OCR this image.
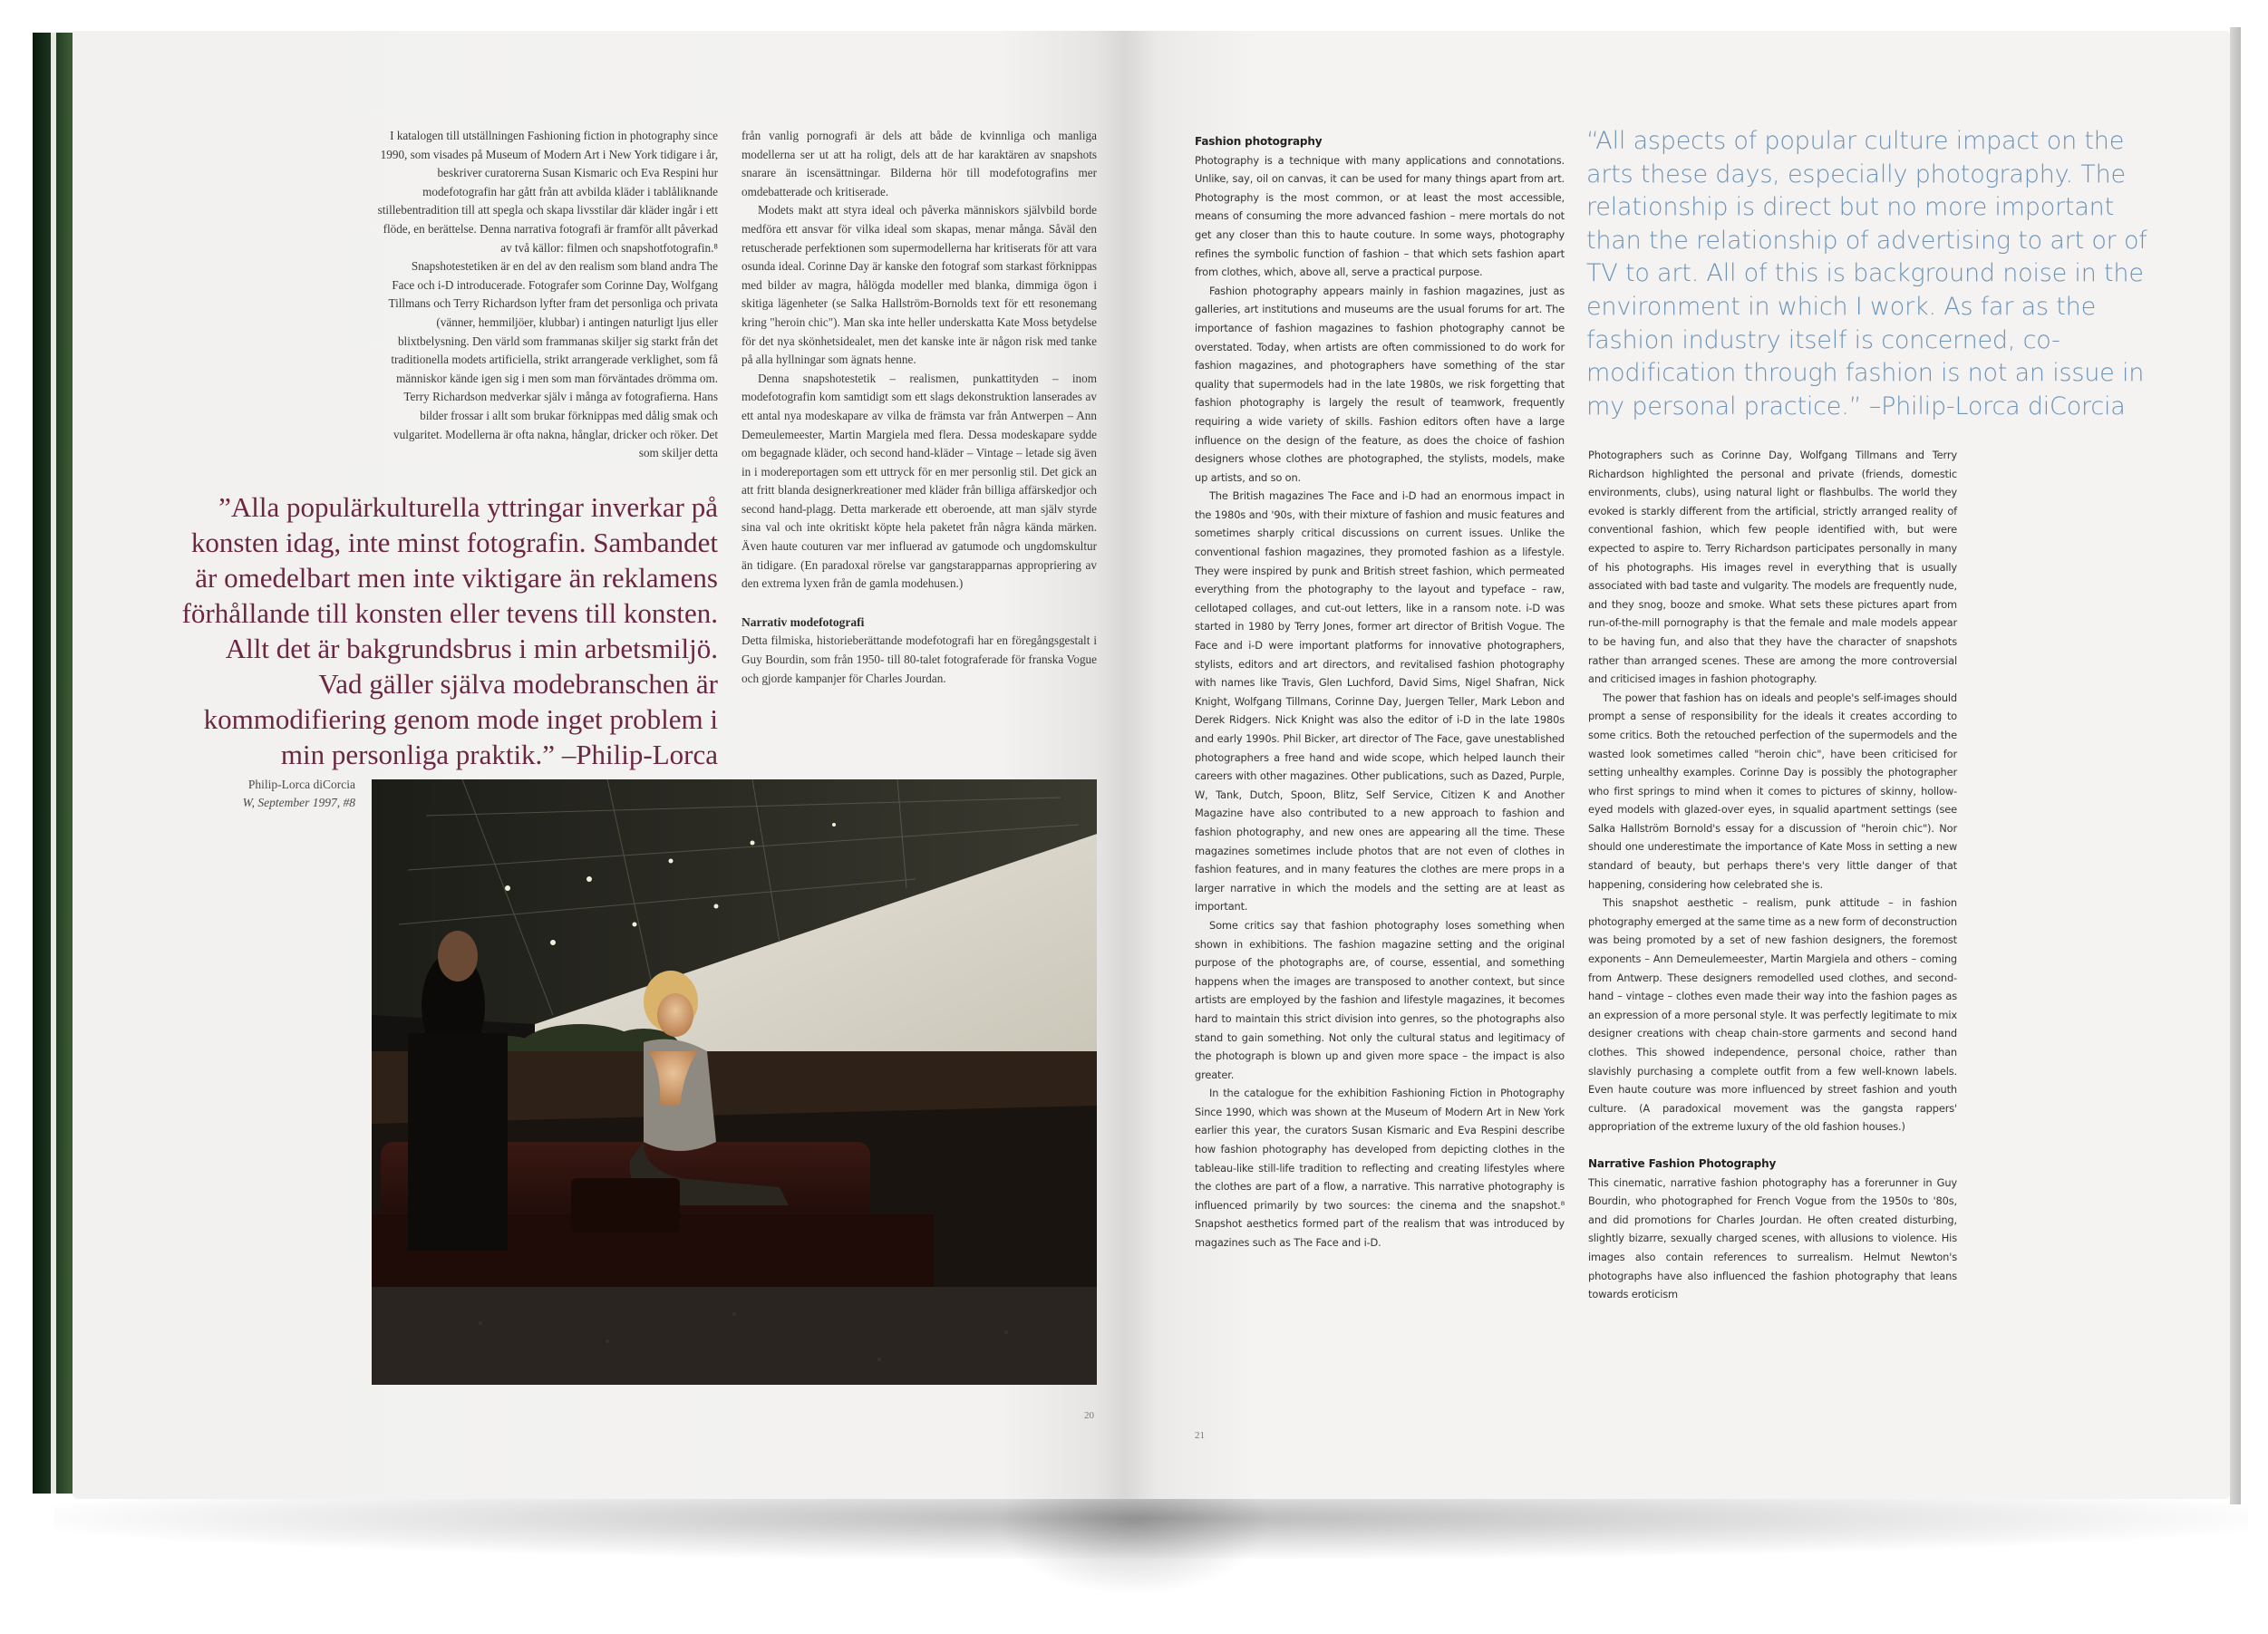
I katalogen till utställningen Fashioning fiction in photography since 1990, som visades på Museum of Modern Art i New York tidigare i år, beskriver curatorerna Susan Kismaric och Eva Respini hur modefotografin har gått från att avbilda kläder i tablåliknande stillebentradition till att spegla och skapa livsstilar där kläder ingår i ett flöde, en berättelse. Denna narrativa fotografi är framför allt påverkad av två källor: filmen och snapshotfotografin.⁸

Snapshotestetiken är en del av den realism som bland andra The Face och i-D introducerade. Fotografer som Corinne Day, Wolfgang Tillmans och Terry Richardson lyfter fram det personliga och privata (vänner, hemmiljöer, klubbar) i antingen naturligt ljus eller blixtbelysning. Den värld som frammanas skiljer sig starkt från det traditionella modets artificiella, strikt arrangerade verklighet, som få människor kände igen sig i men som man förväntades drömma om. Terry Richardson medverkar själv i många av fotografierna. Hans bilder frossar i allt som brukar förknippas med dålig smak och vulgaritet. Modellerna är ofta nakna, hånglar, dricker och röker. Det som skiljer detta

från vanlig pornografi är dels att både de kvinnliga och manliga modellerna ser ut att ha roligt, dels att de har karaktären av snapshots snarare än iscensättningar. Bilderna hör till modefotografins mer omdebatterade och kritiserade.

Modets makt att styra ideal och påverka människors självbild borde medföra ett ansvar för vilka ideal som skapas, menar många. Såväl den retuscherade perfektionen som supermodellerna har kritiserats för att vara osunda ideal. Corinne Day är kanske den fotograf som starkast förknippas med bilder av magra, hålögda modeller med blanka, dimmiga ögon i skitiga lägenheter (se Salka Hallström-Bornolds text för ett resonemang kring "heroin chic"). Man ska inte heller underskatta Kate Moss betydelse för det nya skönhetsidealet, men det kanske inte är någon risk med tanke på alla hyllningar som ägnats henne.

Denna snapshotestetik – realismen, punkattityden – inom modefotografin kom samtidigt som ett slags dekonstruktion lanserades av ett antal nya modeskapare av vilka de främsta var från Antwerpen – Ann Demeulemeester, Martin Margiela med flera. Dessa modeskapare sydde om begagnade kläder, och second hand-kläder – Vintage – letade sig även in i modereportagen som ett uttryck för en mer personlig stil. Det gick an att fritt blanda designerkreationer med kläder från billiga affärskedjor och second hand-plagg. Detta markerade ett oberoende, att man själv styrde sina val och inte okritiskt köpte hela paketet från några kända märken. Även haute couturen var mer influerad av gatumode och ungdomskultur än tidigare. (En paradoxal rörelse var gangstarapparnas appropriering av den extrema lyxen från de gamla modehusen.)

Narrativ modefotografi

Detta filmiska, historieberättande modefotografi har en föregångsgestalt i Guy Bourdin, som från 1950- till 80-talet fotograferade för franska Vogue och gjorde kampanjer för Charles Jourdan.

”Alla populärkulturella yttringar inverkar på konsten idag, inte minst fotografin. Sambandet är omedelbart men inte viktigare än reklamens förhållande till konsten eller tevens till konsten. Allt det är bakgrundsbrus i min arbetsmiljö. Vad gäller själva modebranschen är kommodifiering genom mode inget problem i min personliga praktik.” –Philip-Lorca
Philip-Lorca diCorcia
W, September 1997, #8
20
Fashion photography

Photography is a technique with many applications and connotations. Unlike, say, oil on canvas, it can be used for many things apart from art. Photography is the most common, or at least the most accessible, means of consuming the more advanced fashion – mere mortals do not get any closer than this to haute couture. In some ways, photography refines the symbolic function of fashion – that which sets fashion apart from clothes, which, above all, serve a practical purpose.

Fashion photography appears mainly in fashion magazines, just as galleries, art institutions and museums are the usual forums for art. The importance of fashion magazines to fashion photography cannot be overstated. Today, when artists are often commissioned to do work for fashion magazines, and photographers have something of the star quality that supermodels had in the late 1980s, we risk forgetting that fashion photography is largely the result of teamwork, frequently requiring a wide variety of skills. Fashion editors often have a large influence on the design of the feature, as does the choice of fashion designers whose clothes are photographed, the stylists, models, make up artists, and so on.

The British magazines The Face and i-D had an enormous impact in the 1980s and '90s, with their mixture of fashion and music features and sometimes sharply critical discussions on current issues. Unlike the conventional fashion magazines, they promoted fashion as a lifestyle. They were inspired by punk and British street fashion, which permeated everything from the photography to the layout and typeface – raw, cellotaped collages, and cut-out letters, like in a ransom note. i-D was started in 1980 by Terry Jones, former art director of British Vogue. The Face and i-D were important platforms for innovative photographers, stylists, editors and art directors, and revitalised fashion photography with names like Travis, Glen Luchford, David Sims, Nigel Shafran, Nick Knight, Wolfgang Tillmans, Corinne Day, Juergen Teller, Mark Lebon and Derek Ridgers. Nick Knight was also the editor of i-D in the late 1980s and early 1990s. Phil Bicker, art director of The Face, gave unestablished photographers a free hand and wide scope, which helped launch their careers with other magazines. Other publications, such as Dazed, Purple, W, Tank, Dutch, Spoon, Blitz, Self Service, Citizen K and Another Magazine have also contributed to a new approach to fashion and fashion photography, and new ones are appearing all the time. These magazines sometimes include photos that are not even of clothes in fashion features, and in many features the clothes are mere props in a larger narrative in which the models and the setting are at least as important.

Some critics say that fashion photography loses something when shown in exhibitions. The fashion magazine setting and the original purpose of the photographs are, of course, essential, and something happens when the images are transposed to another context, but since artists are employed by the fashion and lifestyle magazines, it becomes hard to maintain this strict division into genres, so the photographs also stand to gain something. Not only the cultural status and legitimacy of the photograph is blown up and given more space – the impact is also greater.

In the catalogue for the exhibition Fashioning Fiction in Photography Since 1990, which was shown at the Museum of Modern Art in New York earlier this year, the curators Susan Kismaric and Eva Respini describe how fashion photography has developed from depicting clothes in the tableau-like still-life tradition to reflecting and creating lifestyles where the clothes are part of a flow, a narrative. This narrative photography is influenced primarily by two sources: the cinema and the snapshot.⁸ Snapshot aesthetics formed part of the realism that was introduced by magazines such as The Face and i-D.

“All aspects of popular culture impact on the arts these days, especially photography. The relationship is direct but no more important than the relationship of advertising to art or of TV to art. All of this is background noise in the environment in which I work. As far as the fashion industry itself is concerned, co-modification through fashion is not an issue in my personal practice.” –Philip-Lorca diCorcia

Photographers such as Corinne Day, Wolfgang Tillmans and Terry Richardson highlighted the personal and private (friends, domestic environments, clubs), using natural light or flashbulbs. The world they evoked is starkly different from the artificial, strictly arranged reality of conventional fashion, which few people identified with, but were expected to aspire to. Terry Richardson participates personally in many of his photographs. His images revel in everything that is usually associated with bad taste and vulgarity. The models are frequently nude, and they snog, booze and smoke. What sets these pictures apart from run-of-the-mill pornography is that the female and male models appear to be having fun, and also that they have the character of snapshots rather than arranged scenes. These are among the more controversial and criticised images in fashion photography.

The power that fashion has on ideals and people's self-images should prompt a sense of responsibility for the ideals it creates according to some critics. Both the retouched perfection of the supermodels and the wasted look sometimes called "heroin chic", have been criticised for setting unhealthy examples. Corinne Day is possibly the photographer who first springs to mind when it comes to pictures of skinny, hollow-eyed models with glazed-over eyes, in squalid apartment settings (see Salka Hallström Bornold's essay for a discussion of "heroin chic"). Nor should one underestimate the importance of Kate Moss in setting a new standard of beauty, but perhaps there's very little danger of that happening, considering how celebrated she is.

This snapshot aesthetic – realism, punk attitude – in fashion photography emerged at the same time as a new form of deconstruction was being promoted by a set of new fashion designers, the foremost exponents – Ann Demeulemeester, Martin Margiela and others – coming from Antwerp. These designers remodelled used clothes, and second-hand – vintage – clothes even made their way into the fashion pages as an expression of a more personal style. It was perfectly legitimate to mix designer creations with cheap chain-store garments and second hand clothes. This showed independence, personal choice, rather than slavishly purchasing a complete outfit from a few well-known labels. Even haute couture was more influenced by street fashion and youth culture. (A paradoxical movement was the gangsta rappers' appropriation of the extreme luxury of the old fashion houses.)

Narrative Fashion Photography

This cinematic, narrative fashion photography has a forerunner in Guy Bourdin, who photographed for French Vogue from the 1950s to '80s, and did promotions for Charles Jourdan. He often created disturbing, slightly bizarre, sexually charged scenes, with allusions to violence. His images also contain references to surrealism. Helmut Newton's photographs have also influenced the fashion photography that leans towards eroticism

21
